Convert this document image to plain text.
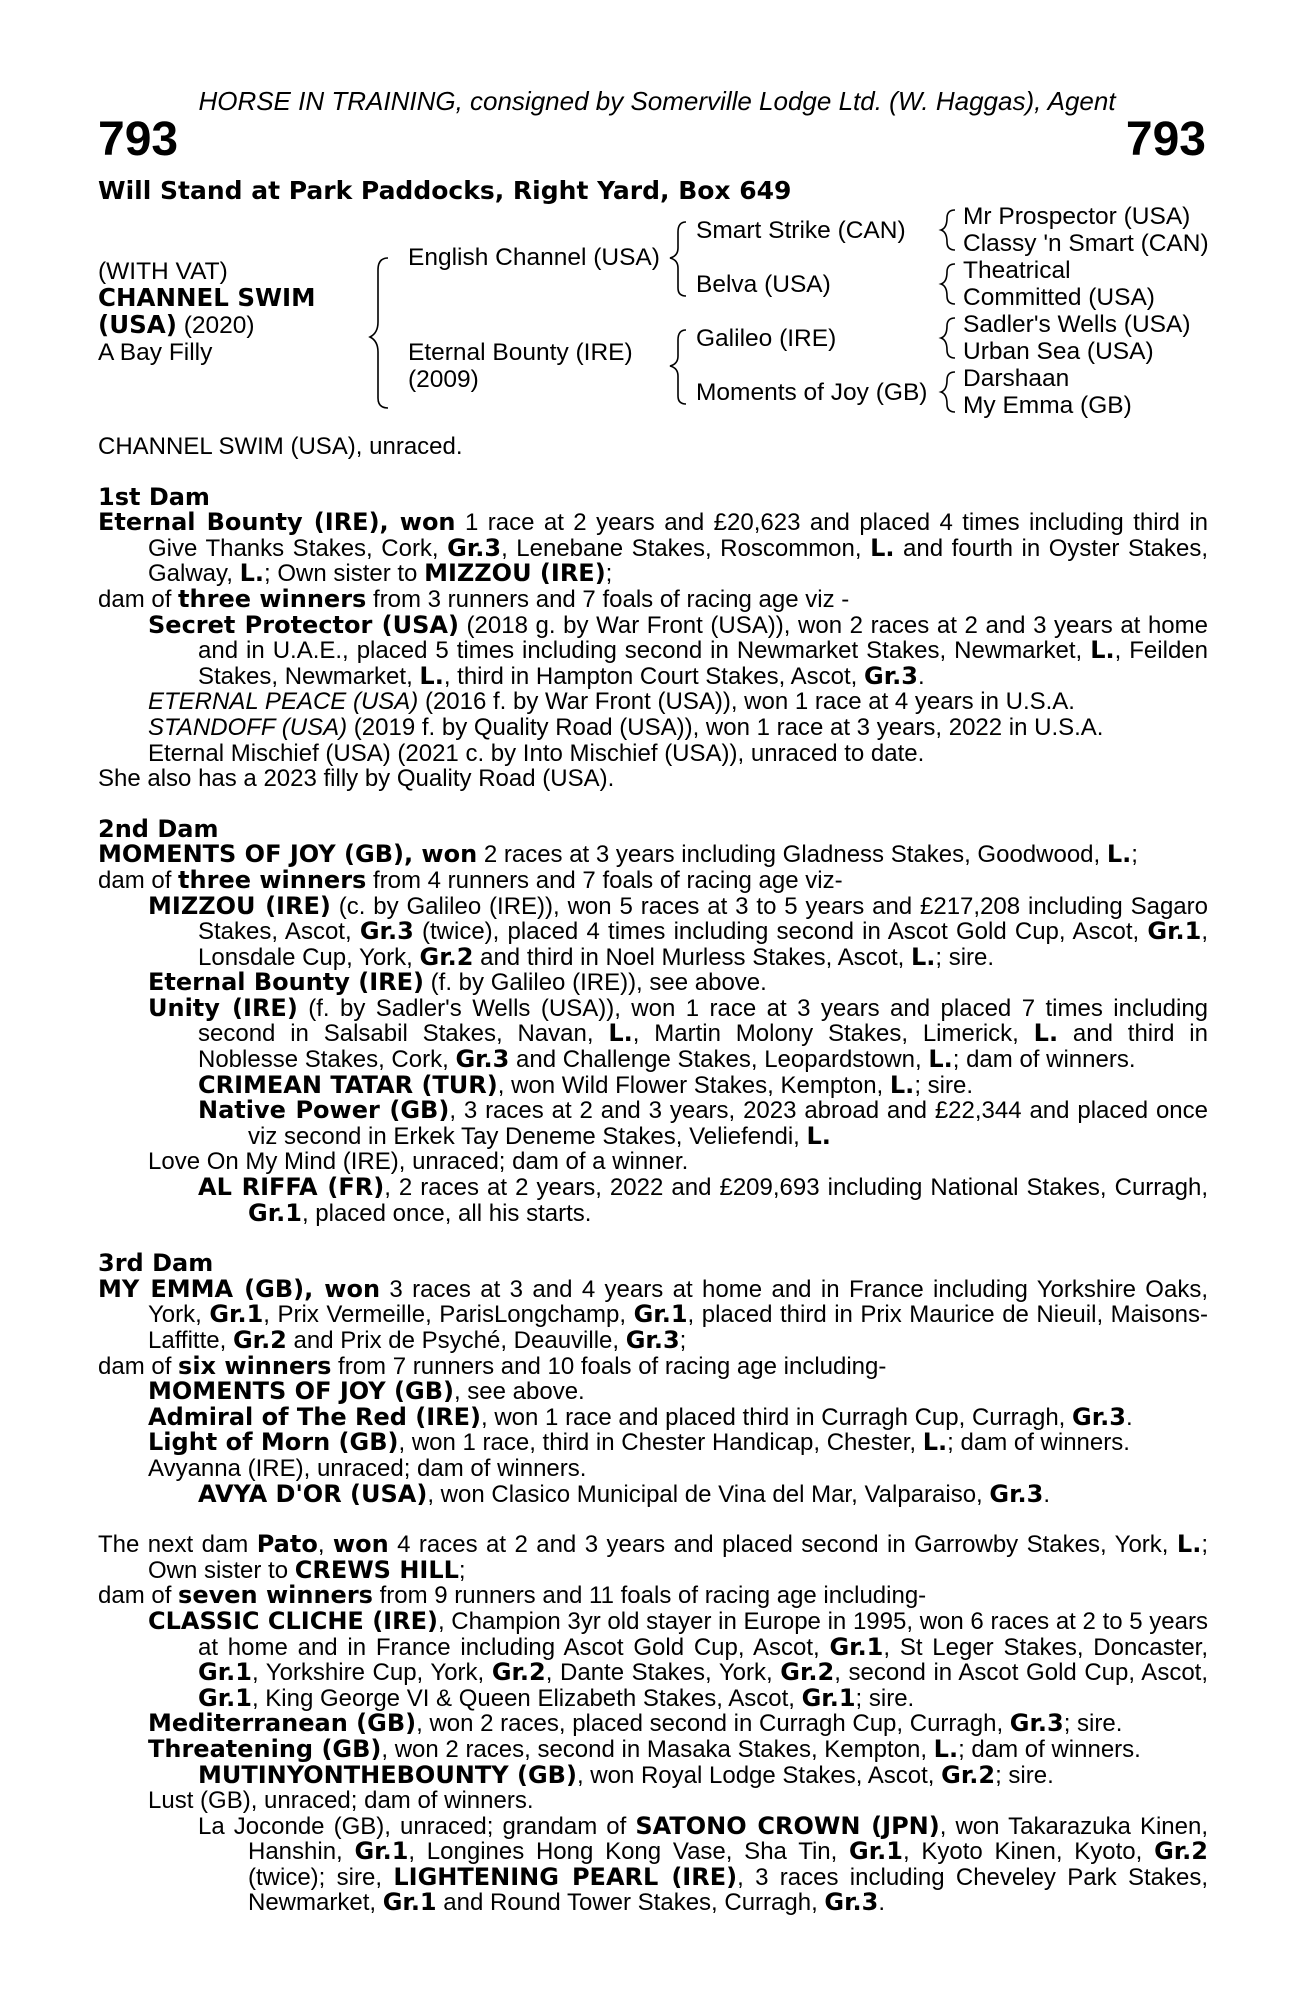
HORSE IN TRAINING, consigned by Somerville Lodge Ltd. (W. Haggas), Agent
793	793
Will Stand at Park Paddocks, Right Yard, Box 649
(WITH VAT)
CHANNEL SWIM
(USA) (2020)
A Bay Filly
English Channel (USA)
Eternal Bounty (IRE)
(2009)
Smart Strike (CAN)
Belva (USA)
Galileo (IRE)
Moments of Joy (GB)
Mr Prospector (USA)
Classy 'n Smart (CAN)
Theatrical
Committed (USA)
Sadler's Wells (USA)
Urban Sea (USA)
Darshaan
My Emma (GB)

CHANNEL SWIM (USA), unraced.

1st Dam

Eternal Bounty (IRE), won 1 race at 2 years and £20,623 and placed 4 times including third in Give Thanks Stakes, Cork, Gr.3, Lenebane Stakes, Roscommon, L. and fourth in Oyster Stakes, Galway, L.; Own sister to MIZZOU (IRE);

dam of three winners from 3 runners and 7 foals of racing age viz -

Secret Protector (USA) (2018 g. by War Front (USA)), won 2 races at 2 and 3 years at home and in U.A.E., placed 5 times including second in Newmarket Stakes, Newmarket, L., Feilden Stakes, Newmarket, L., third in Hampton Court Stakes, Ascot, Gr.3.

ETERNAL PEACE (USA) (2016 f. by War Front (USA)), won 1 race at 4 years in U.S.A.

STANDOFF (USA) (2019 f. by Quality Road (USA)), won 1 race at 3 years, 2022 in U.S.A.

Eternal Mischief (USA) (2021 c. by Into Mischief (USA)), unraced to date.

She also has a 2023 filly by Quality Road (USA).

2nd Dam

MOMENTS OF JOY (GB), won 2 races at 3 years including Gladness Stakes, Goodwood, L.;

dam of three winners from 4 runners and 7 foals of racing age viz-

MIZZOU (IRE) (c. by Galileo (IRE)), won 5 races at 3 to 5 years and £217,208 including Sagaro Stakes, Ascot, Gr.3 (twice), placed 4 times including second in Ascot Gold Cup, Ascot, Gr.1, Lonsdale Cup, York, Gr.2 and third in Noel Murless Stakes, Ascot, L.; sire.

Eternal Bounty (IRE) (f. by Galileo (IRE)), see above.

Unity (IRE) (f. by Sadler's Wells (USA)), won 1 race at 3 years and placed 7 times including second in Salsabil Stakes, Navan, L., Martin Molony Stakes, Limerick, L. and third in Noblesse Stakes, Cork, Gr.3 and Challenge Stakes, Leopardstown, L.; dam of winners.

CRIMEAN TATAR (TUR), won Wild Flower Stakes, Kempton, L.; sire.

Native Power (GB), 3 races at 2 and 3 years, 2023 abroad and £22,344 and placed once viz second in Erkek Tay Deneme Stakes, Veliefendi, L.

Love On My Mind (IRE), unraced; dam of a winner.

AL RIFFA (FR), 2 races at 2 years, 2022 and £209,693 including National Stakes, Curragh, Gr.1, placed once, all his starts.

3rd Dam

MY EMMA (GB), won 3 races at 3 and 4 years at home and in France including Yorkshire Oaks, York, Gr.1, Prix Vermeille, ParisLongchamp, Gr.1, placed third in Prix Maurice de Nieuil, Maisons-Laffitte, Gr.2 and Prix de Psyché, Deauville, Gr.3;

dam of six winners from 7 runners and 10 foals of racing age including-

MOMENTS OF JOY (GB), see above.

Admiral of The Red (IRE), won 1 race and placed third in Curragh Cup, Curragh, Gr.3.

Light of Morn (GB), won 1 race, third in Chester Handicap, Chester, L.; dam of winners.

Avyanna (IRE), unraced; dam of winners.

AVYA D'OR (USA), won Clasico Municipal de Vina del Mar, Valparaiso, Gr.3.

The next dam Pato, won 4 races at 2 and 3 years and placed second in Garrowby Stakes, York, L.; Own sister to CREWS HILL;

dam of seven winners from 9 runners and 11 foals of racing age including-

CLASSIC CLICHE (IRE), Champion 3yr old stayer in Europe in 1995, won 6 races at 2 to 5 years at home and in France including Ascot Gold Cup, Ascot, Gr.1, St Leger Stakes, Doncaster, Gr.1, Yorkshire Cup, York, Gr.2, Dante Stakes, York, Gr.2, second in Ascot Gold Cup, Ascot, Gr.1, King George VI & Queen Elizabeth Stakes, Ascot, Gr.1; sire.

Mediterranean (GB), won 2 races, placed second in Curragh Cup, Curragh, Gr.3; sire.

Threatening (GB), won 2 races, second in Masaka Stakes, Kempton, L.; dam of winners.

MUTINYONTHEBOUNTY (GB), won Royal Lodge Stakes, Ascot, Gr.2; sire.

Lust (GB), unraced; dam of winners.

La Joconde (GB), unraced; grandam of SATONO CROWN (JPN), won Takarazuka Kinen, Hanshin, Gr.1, Longines Hong Kong Vase, Sha Tin, Gr.1, Kyoto Kinen, Kyoto, Gr.2 (twice); sire, LIGHTENING PEARL (IRE), 3 races including Cheveley Park Stakes, Newmarket, Gr.1 and Round Tower Stakes, Curragh, Gr.3.
